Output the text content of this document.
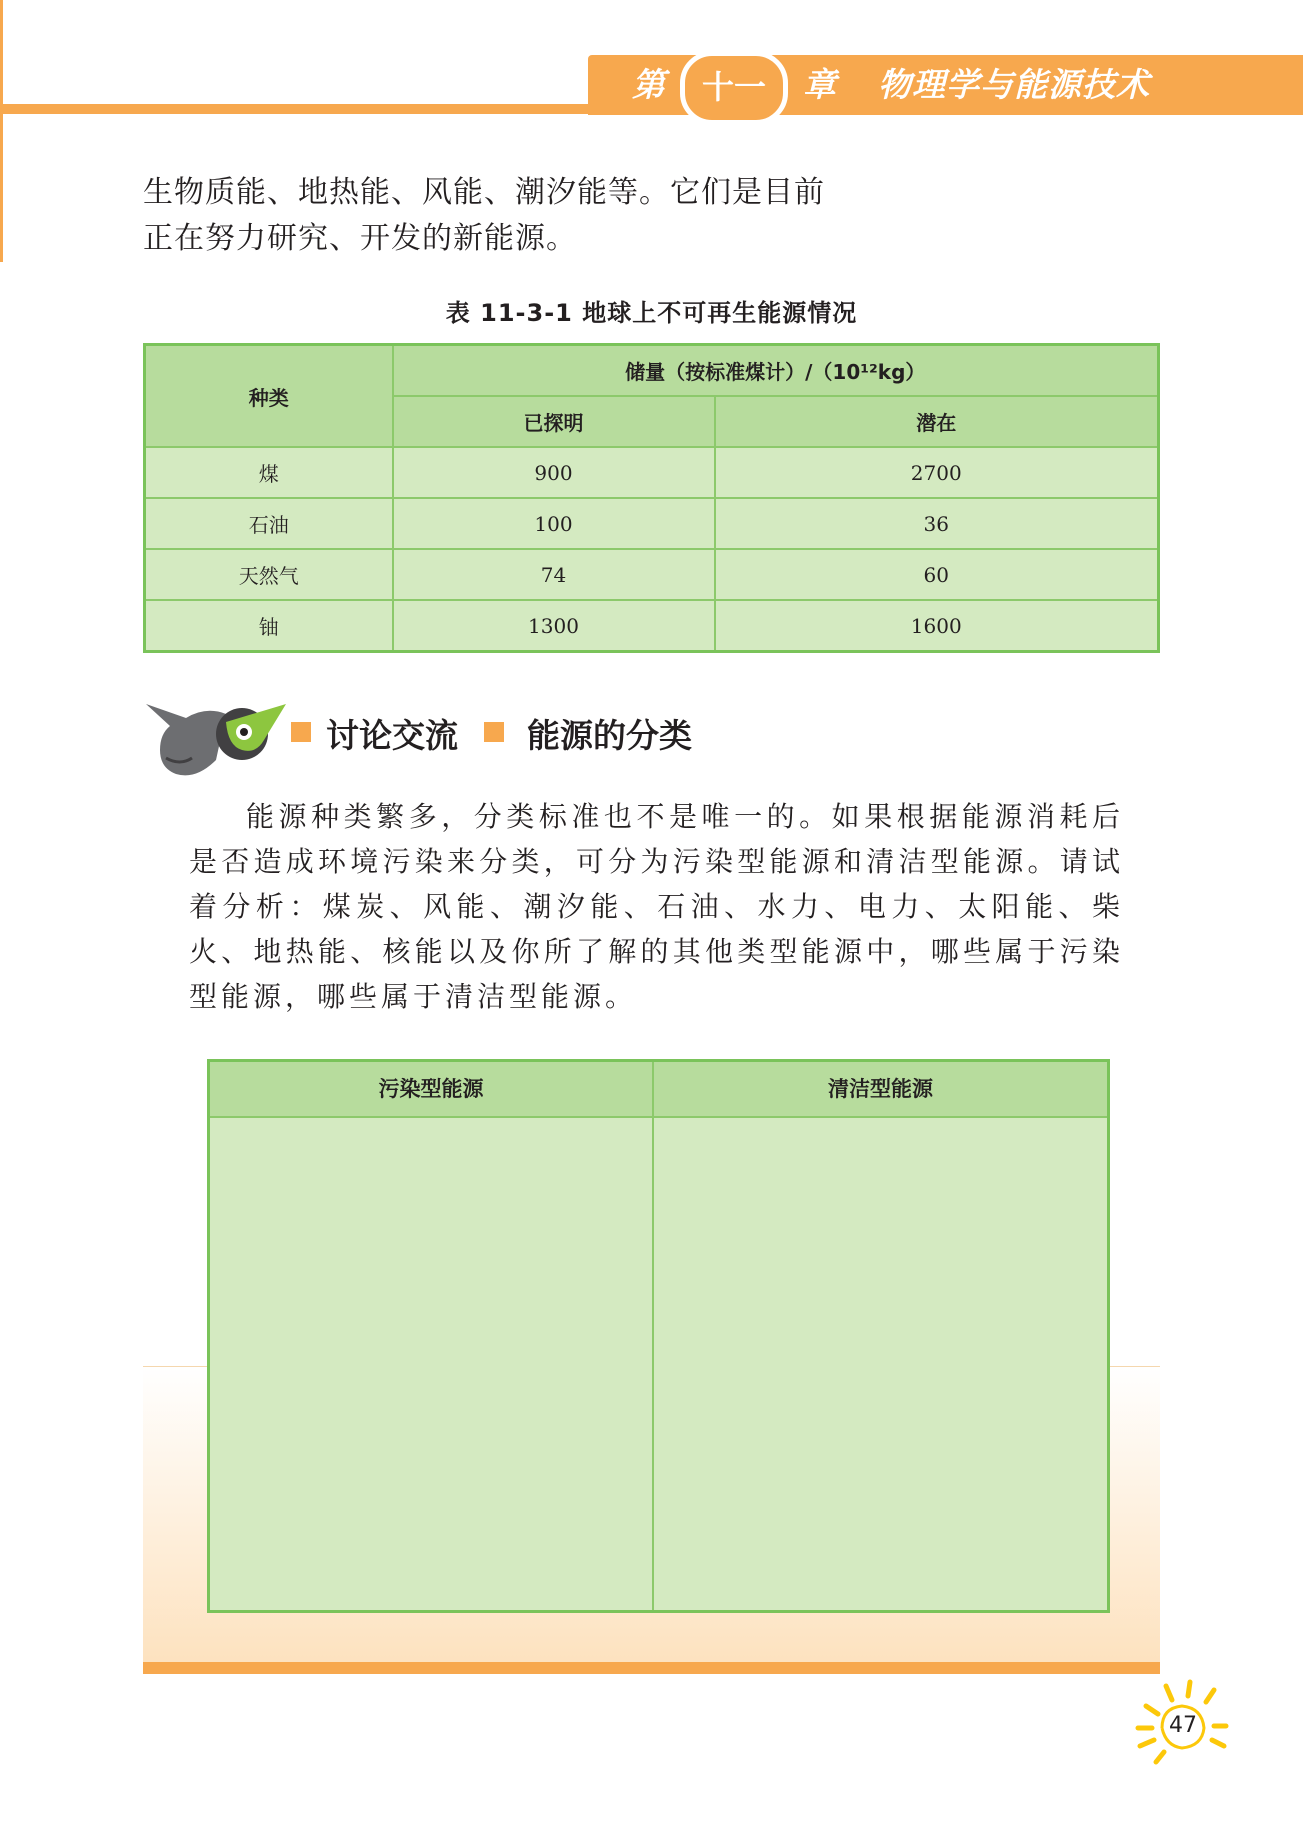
第	十一	章 物理学与能源技术

生物质能、地热能、风能、潮汐能等。它们是目前正在努力研究、开发的新能源。

表 11-3-1 地球上不可再生能源情况
种类	储量（按标准煤计）/（10¹²kg）	
	已探明	潜在
煤	900	2700
石油	100	36
天然气	74	60
铀	1300	1600
讨论交流 能源的分类

能源种类繁多，分类标准也不是唯一的。如果根据能源消耗后是否造成环境污染来分类，可分为污染型能源和清洁型能源。请试着分析：煤炭、风能、潮汐能、石油、水力、电力、太阳能、柴火、地热能、核能以及你所了解的其他类型能源中，哪些属于污染型能源，哪些属于清洁型能源。

污染型能源	清洁型能源
47
